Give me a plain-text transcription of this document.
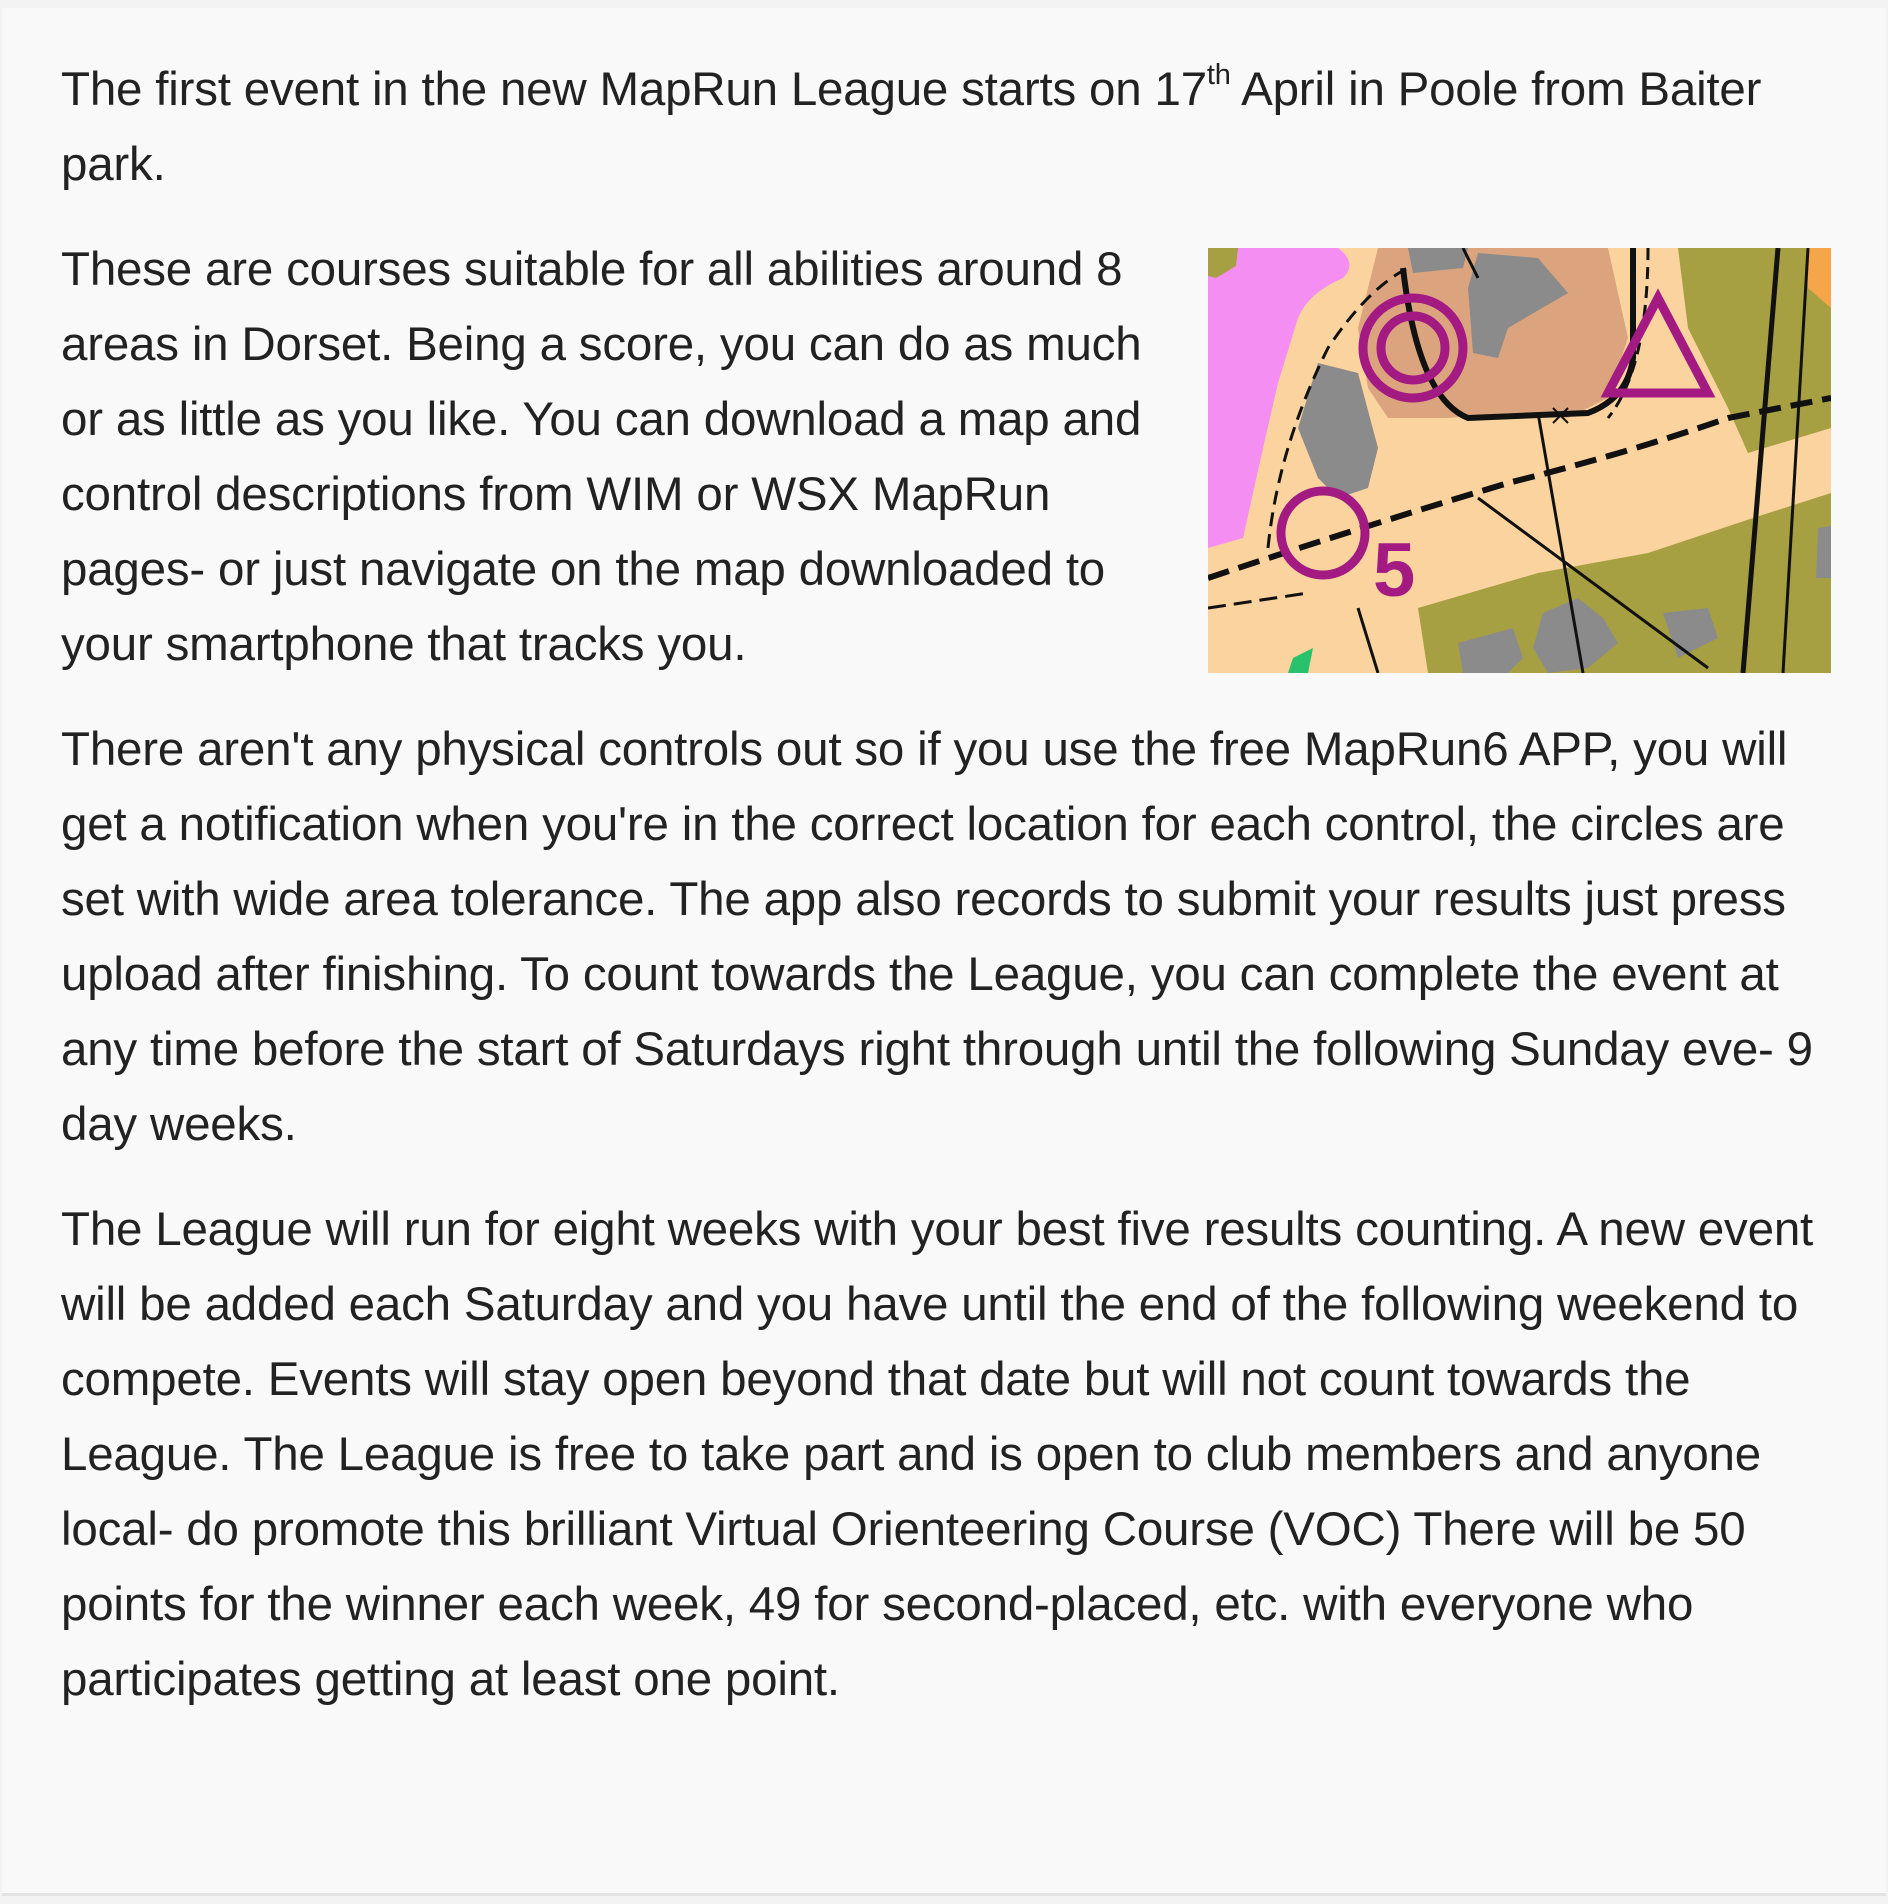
The first event in the new MapRun League starts on 17th April in Poole from Baiter park.

5

These are courses suitable for all abilities around 8 areas in Dorset. Being a score, you can do as much or as little as you like. You can download a map and control descriptions from WIM or WSX MapRun pages- or just navigate on the map downloaded to your smartphone that tracks you.

There aren't any physical controls out so if you use the free MapRun6 APP, you will get a notification when you're in the correct location for each control, the circles are set with wide area tolerance. The app also records to submit your results just press upload after finishing. To count towards the League, you can complete the event at any time before the start of Saturdays right through until the following Sunday eve- 9 day weeks.

The League will run for eight weeks with your best five results counting. A new event will be added each Saturday and you have until the end of the following weekend to compete. Events will stay open beyond that date but will not count towards the League. The League is free to take part and is open to club members and anyone local- do promote this brilliant Virtual Orienteering Course (VOC) There will be 50 points for the winner each week, 49 for second-placed, etc. with everyone who participates getting at least one point.
